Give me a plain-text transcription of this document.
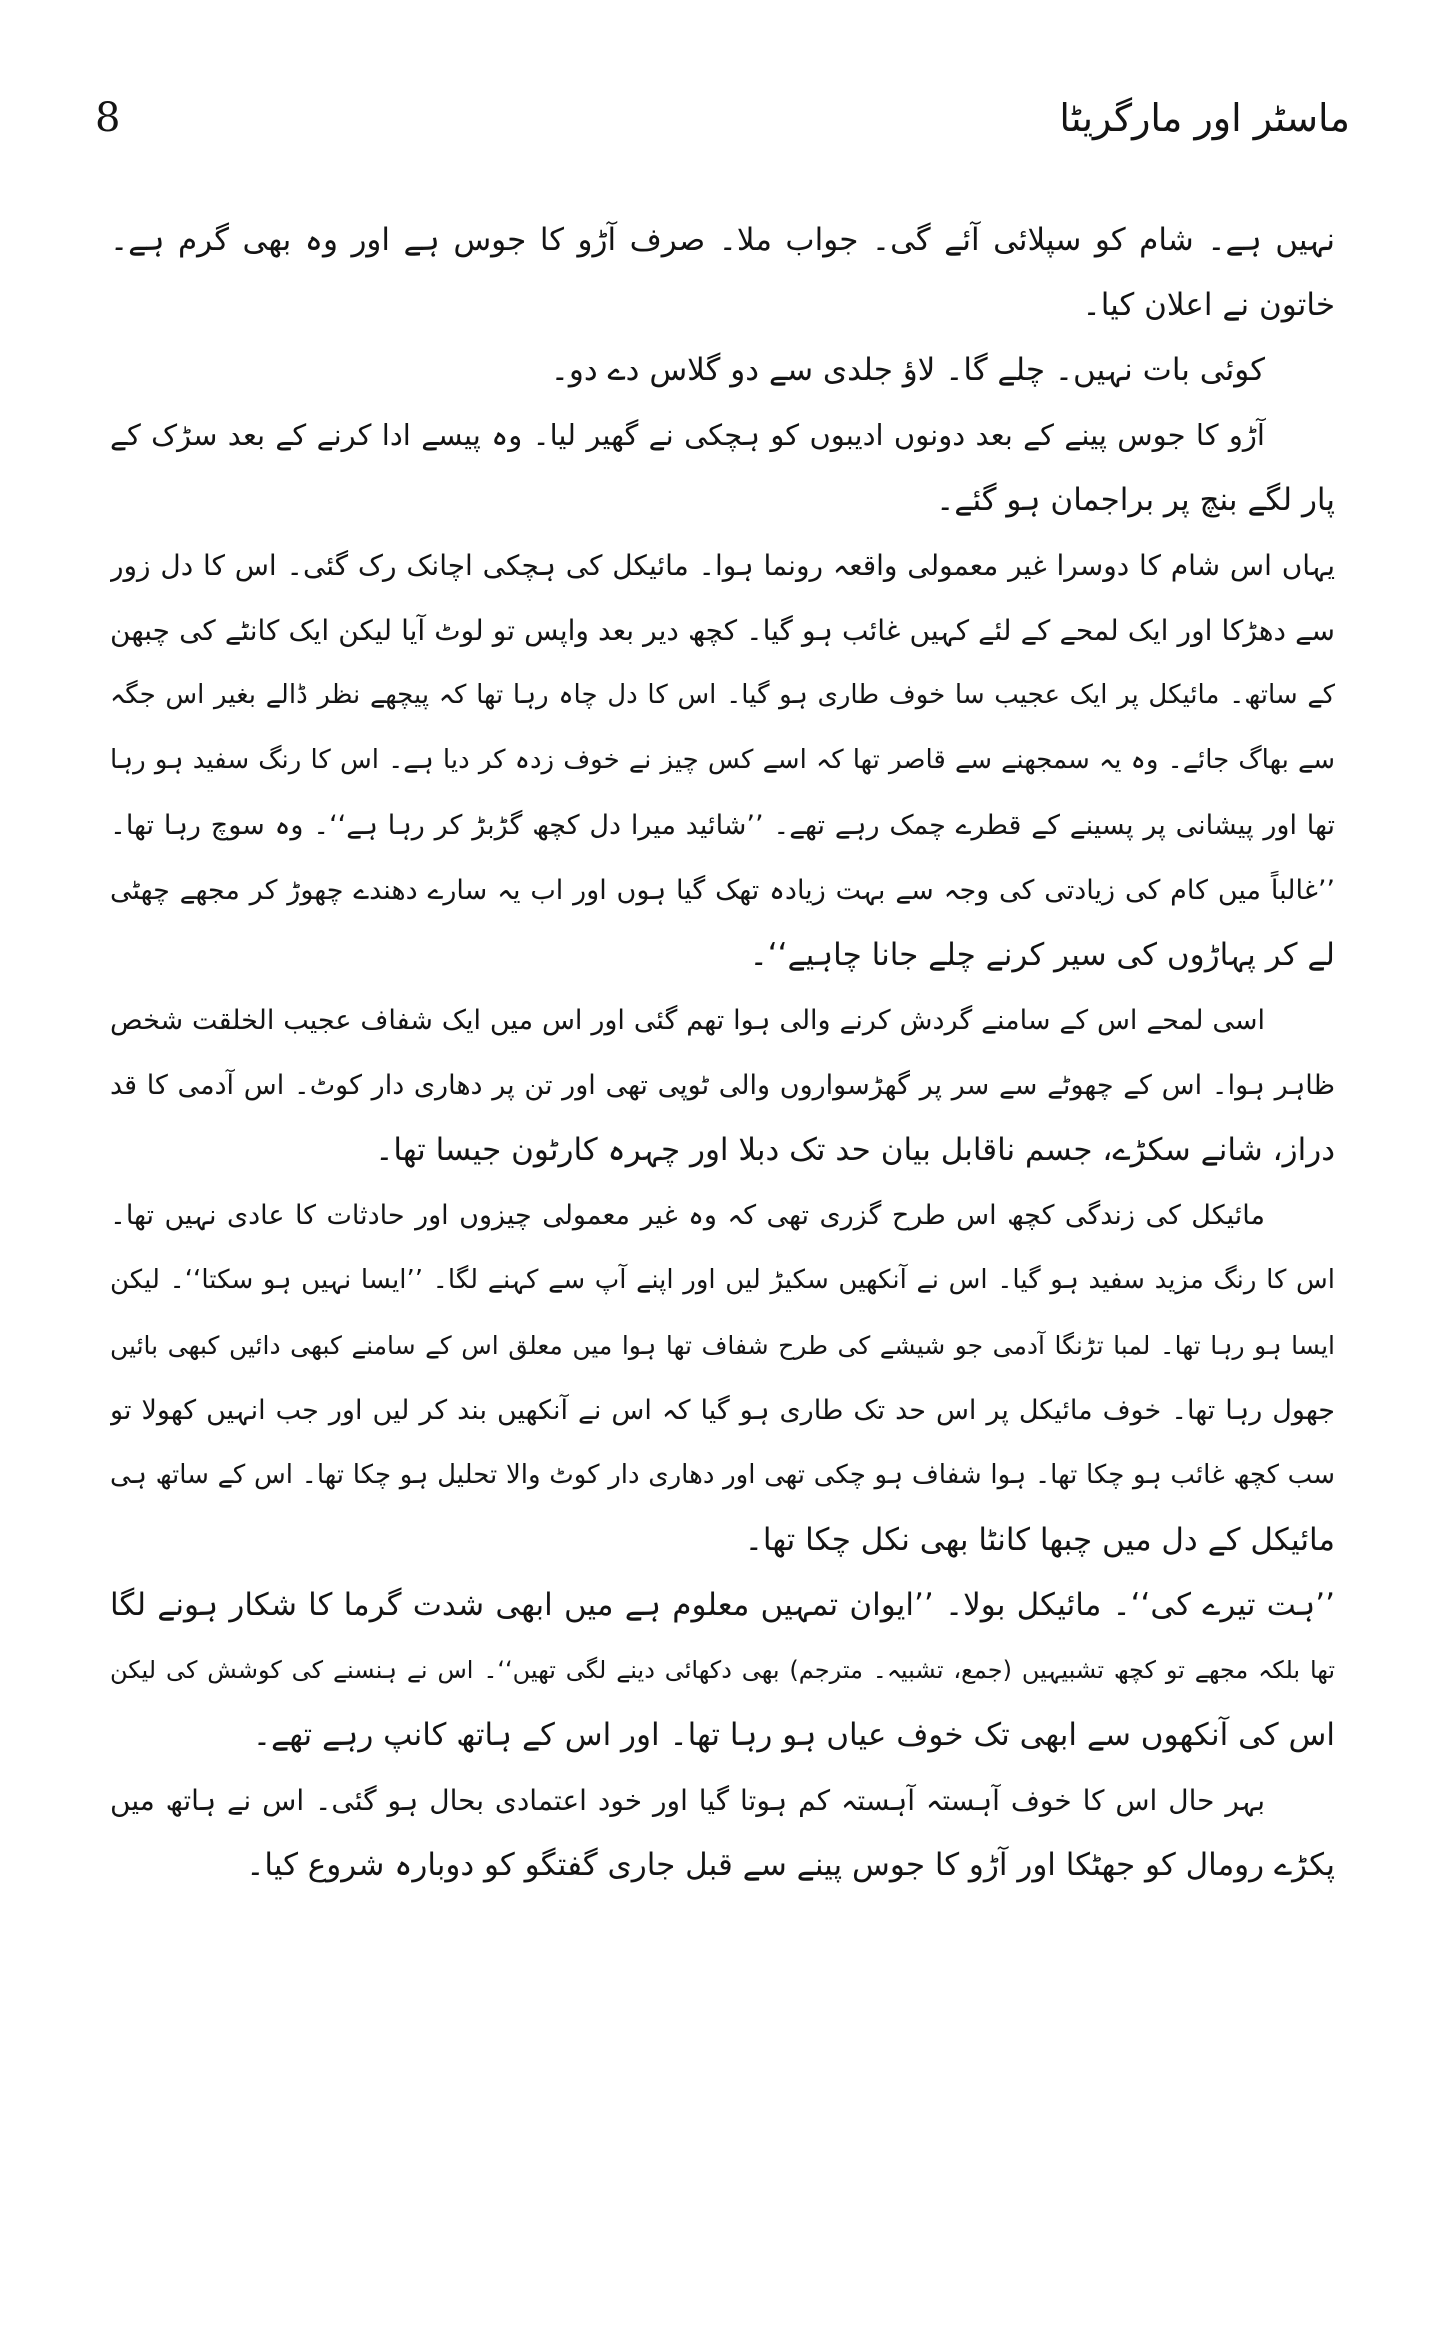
8	ماسٹر اور مارگریٹا
نہیں ہے۔ شام کو سپلائی آئے گی۔ جواب ملا۔ صرف آڑو کا جوس ہے اور وہ بھی گرم ہے۔
خاتون نے اعلان کیا۔
کوئی بات نہیں۔ چلے گا۔ لاؤ جلدی سے دو گلاس دے دو۔
آڑو کا جوس پینے کے بعد دونوں ادیبوں کو ہچکی نے گھیر لیا۔ وہ پیسے ادا کرنے کے بعد سڑک کے
پار لگے بنچ پر براجمان ہو گئے۔
یہاں اس شام کا دوسرا غیر معمولی واقعہ رونما ہوا۔ مائیکل کی ہچکی اچانک رک گئی۔ اس کا دل زور
سے دھڑکا اور ایک لمحے کے لئے کہیں غائب ہو گیا۔ کچھ دیر بعد واپس تو لوٹ آیا لیکن ایک کانٹے کی چبھن
کے ساتھ۔ مائیکل پر ایک عجیب سا خوف طاری ہو گیا۔ اس کا دل چاہ رہا تھا کہ پیچھے نظر ڈالے بغیر اس جگہ
سے بھاگ جائے۔ وہ یہ سمجھنے سے قاصر تھا کہ اسے کس چیز نے خوف زدہ کر دیا ہے۔ اس کا رنگ سفید ہو رہا
تھا اور پیشانی پر پسینے کے قطرے چمک رہے تھے۔ ’’شائید میرا دل کچھ گڑبڑ کر رہا ہے‘‘۔ وہ سوچ رہا تھا۔
’’غالباً میں کام کی زیادتی کی وجہ سے بہت زیادہ تھک گیا ہوں اور اب یہ سارے دھندے چھوڑ کر مجھے چھٹی
لے کر پہاڑوں کی سیر کرنے چلے جانا چاہیے‘‘۔
اسی لمحے اس کے سامنے گردش کرنے والی ہوا تھم گئی اور اس میں ایک شفاف عجیب الخلقت شخص
ظاہر ہوا۔ اس کے چھوٹے سے سر پر گھڑسواروں والی ٹوپی تھی اور تن پر دھاری دار کوٹ۔ اس آدمی کا قد
دراز، شانے سکڑے، جسم ناقابل بیان حد تک دبلا اور چہرہ کارٹون جیسا تھا۔
مائیکل کی زندگی کچھ اس طرح گزری تھی کہ وہ غیر معمولی چیزوں اور حادثات کا عادی نہیں تھا۔
اس کا رنگ مزید سفید ہو گیا۔ اس نے آنکھیں سکیڑ لیں اور اپنے آپ سے کہنے لگا۔ ’’ایسا نہیں ہو سکتا‘‘۔ لیکن
ایسا ہو رہا تھا۔ لمبا تڑنگا آدمی جو شیشے کی طرح شفاف تھا ہوا میں معلق اس کے سامنے کبھی دائیں کبھی بائیں
جھول رہا تھا۔ خوف مائیکل پر اس حد تک طاری ہو گیا کہ اس نے آنکھیں بند کر لیں اور جب انہیں کھولا تو
سب کچھ غائب ہو چکا تھا۔ ہوا شفاف ہو چکی تھی اور دھاری دار کوٹ والا تحلیل ہو چکا تھا۔ اس کے ساتھ ہی
مائیکل کے دل میں چبھا کانٹا بھی نکل چکا تھا۔
’’ہت تیرے کی‘‘۔ مائیکل بولا۔ ’’ایوان تمہیں معلوم ہے میں ابھی شدت گرما کا شکار ہونے لگا
تھا بلکہ مجھے تو کچھ تشبیہیں (جمع، تشبیہ۔ مترجم) بھی دکھائی دینے لگی تھیں‘‘۔ اس نے ہنسنے کی کوشش کی لیکن
اس کی آنکھوں سے ابھی تک خوف عیاں ہو رہا تھا۔ اور اس کے ہاتھ کانپ رہے تھے۔
بہر حال اس کا خوف آہستہ آہستہ کم ہوتا گیا اور خود اعتمادی بحال ہو گئی۔ اس نے ہاتھ میں
پکڑے رومال کو جھٹکا اور آڑو کا جوس پینے سے قبل جاری گفتگو کو دوبارہ شروع کیا۔
